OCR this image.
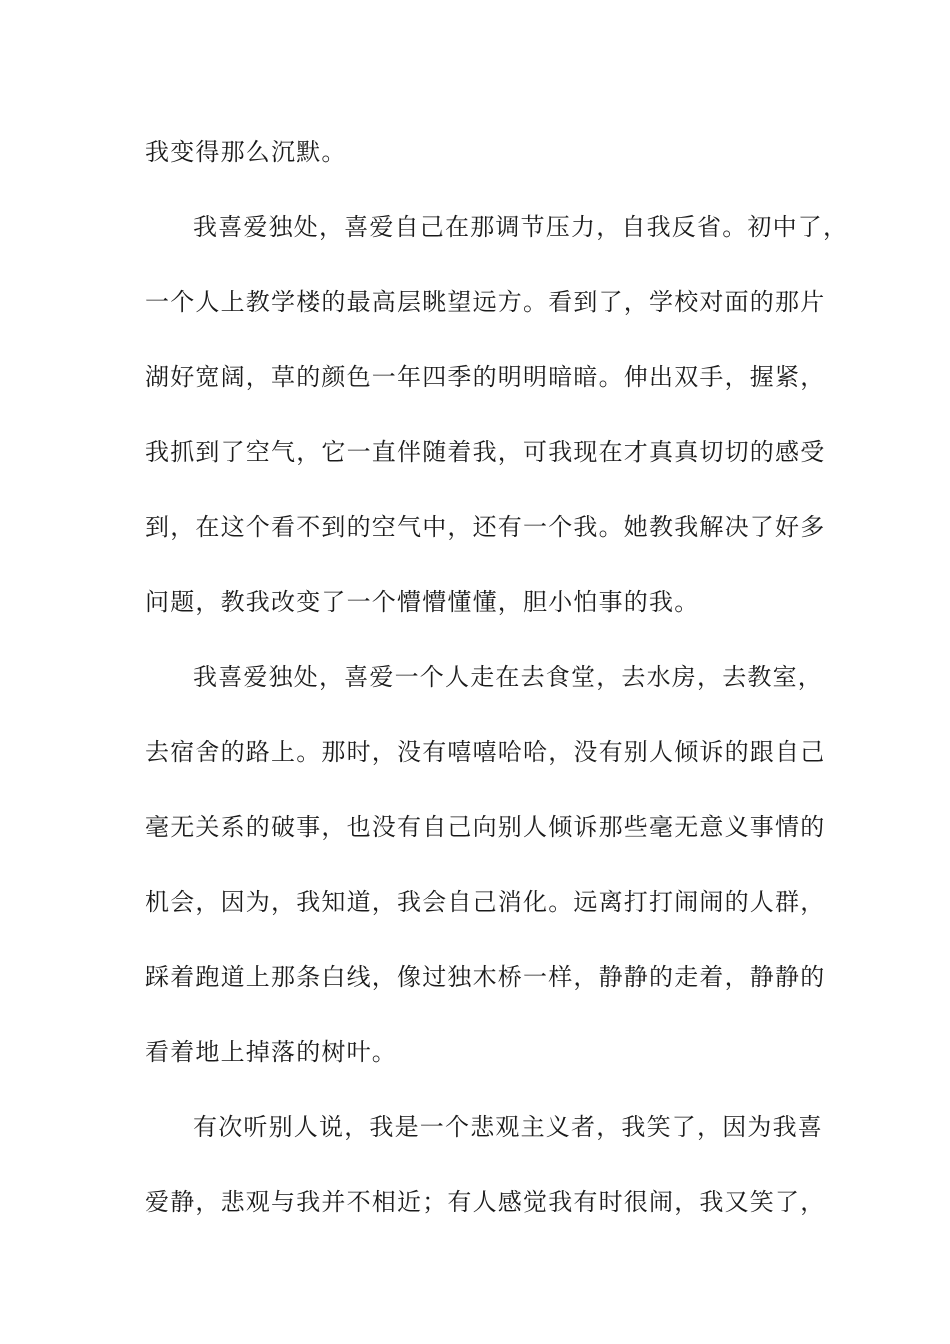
我变得那么沉默。
我喜爱独处，喜爱自己在那调节压力，自我反省。初中了，
一个人上教学楼的最高层眺望远方。看到了，学校对面的那片
湖好宽阔，草的颜色一年四季的明明暗暗。伸出双手，握紧，
我抓到了空气，它一直伴随着我，可我现在才真真切切的感受
到，在这个看不到的空气中，还有一个我。她教我解决了好多
问题，教我改变了一个懵懵懂懂，胆小怕事的我。
我喜爱独处，喜爱一个人走在去食堂，去水房，去教室，
去宿舍的路上。那时，没有嘻嘻哈哈，没有别人倾诉的跟自己
毫无关系的破事，也没有自己向别人倾诉那些毫无意义事情的
机会，因为，我知道，我会自己消化。远离打打闹闹的人群，
踩着跑道上那条白线，像过独木桥一样，静静的走着，静静的
看着地上掉落的树叶。
有次听别人说，我是一个悲观主义者，我笑了，因为我喜
爱静，悲观与我并不相近；有人感觉我有时很闹，我又笑了，
